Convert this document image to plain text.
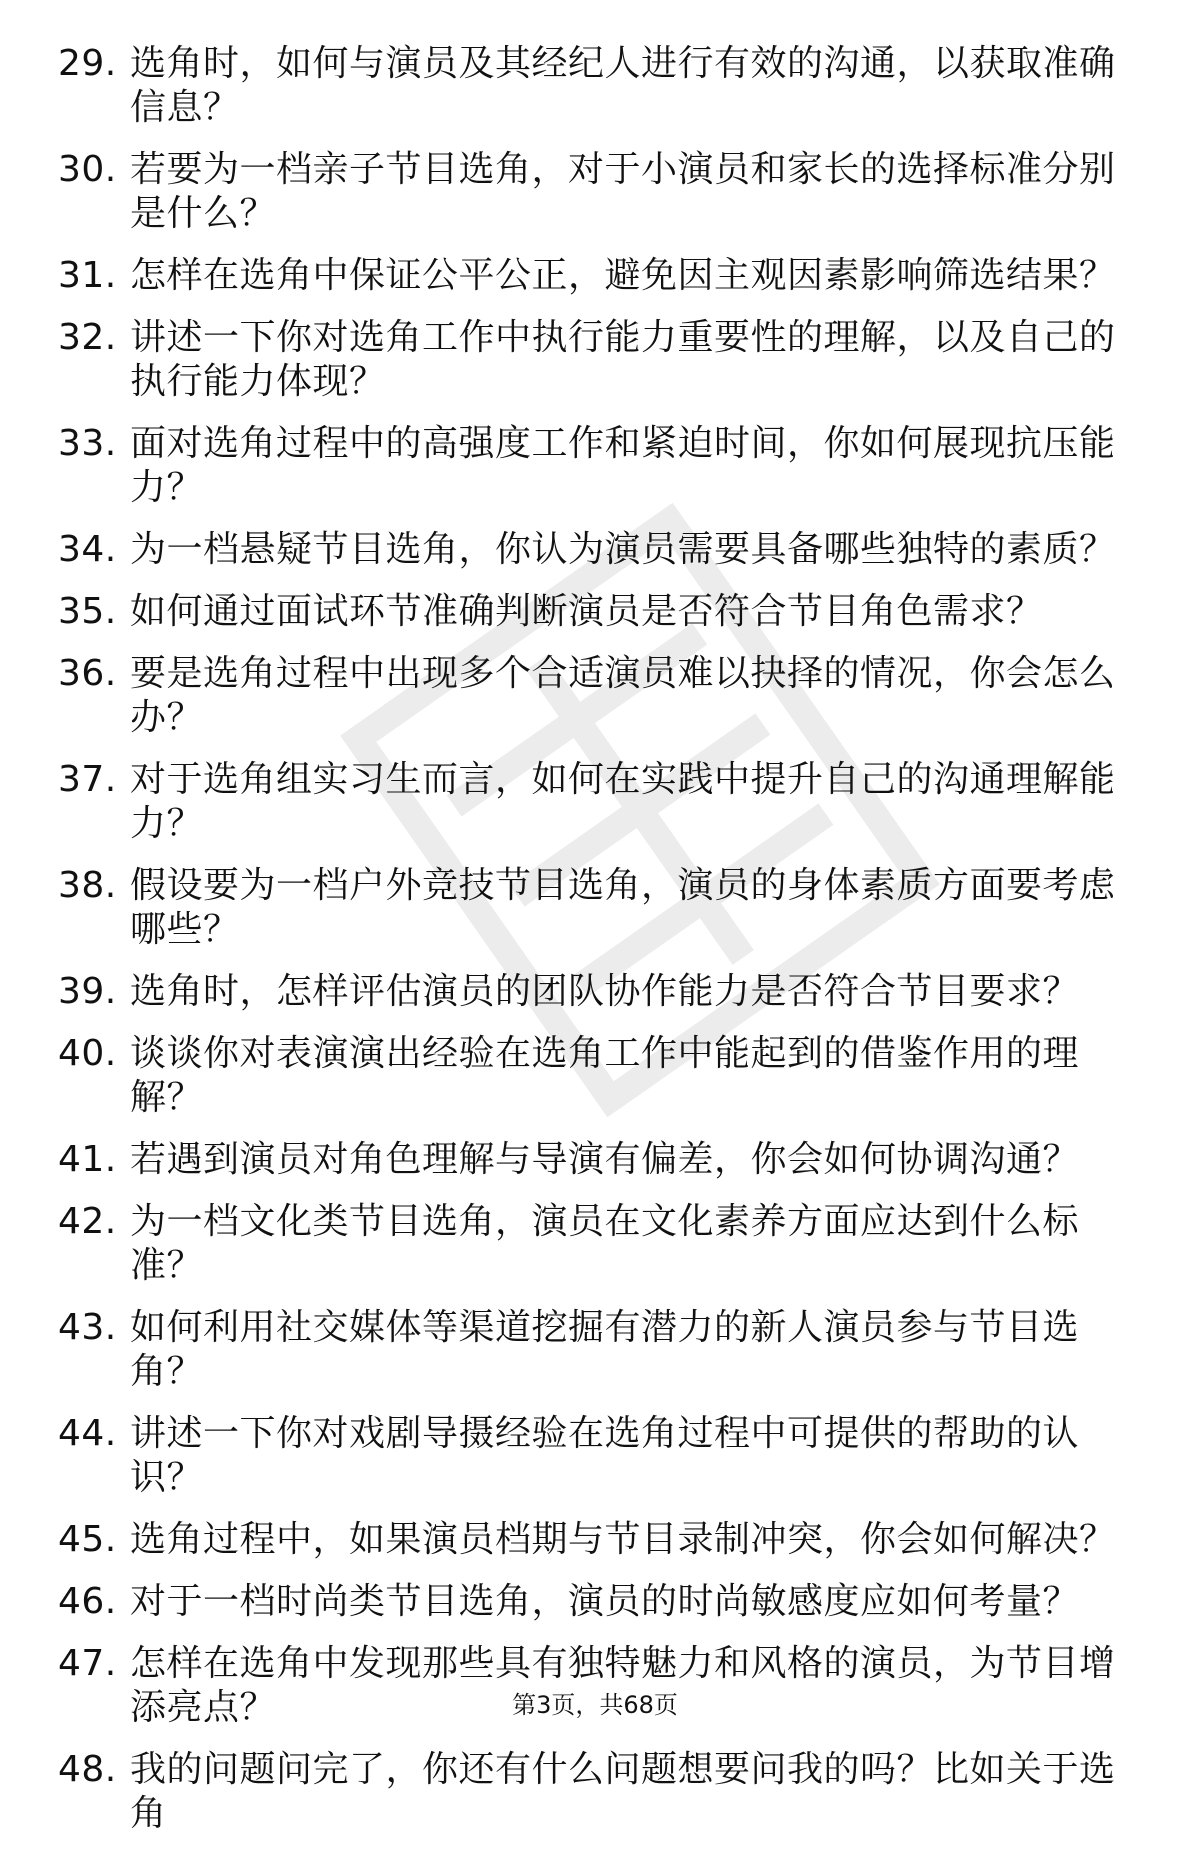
29. 选角时，如何与演员及其经纪人进行有效的沟通，以获取准确信息？
30. 若要为一档亲子节目选角，对于小演员和家长的选择标准分别是什么？
31. 怎样在选角中保证公平公正，避免因主观因素影响筛选结果？
32. 讲述一下你对选角工作中执行能力重要性的理解，以及自己的执行能力体现？
33. 面对选角过程中的高强度工作和紧迫时间，你如何展现抗压能力？
34. 为一档悬疑节目选角，你认为演员需要具备哪些独特的素质？
35. 如何通过面试环节准确判断演员是否符合节目角色需求？
36. 要是选角过程中出现多个合适演员难以抉择的情况，你会怎么办？
37. 对于选角组实习生而言，如何在实践中提升自己的沟通理解能力？
38. 假设要为一档户外竞技节目选角，演员的身体素质方面要考虑哪些？
39. 选角时，怎样评估演员的团队协作能力是否符合节目要求？
40. 谈谈你对表演演出经验在选角工作中能起到的借鉴作用的理解？
41. 若遇到演员对角色理解与导演有偏差，你会如何协调沟通？
42. 为一档文化类节目选角，演员在文化素养方面应达到什么标准？
43. 如何利用社交媒体等渠道挖掘有潜力的新人演员参与节目选角？
44. 讲述一下你对戏剧导摄经验在选角过程中可提供的帮助的认识？
45. 选角过程中，如果演员档期与节目录制冲突，你会如何解决？
46. 对于一档时尚类节目选角，演员的时尚敏感度应如何考量？
47. 怎样在选角中发现那些具有独特魅力和风格的演员，为节目增添亮点？
48. 我的问题问完了，你还有什么问题想要问我的吗？比如关于选角
第3页，共68页
